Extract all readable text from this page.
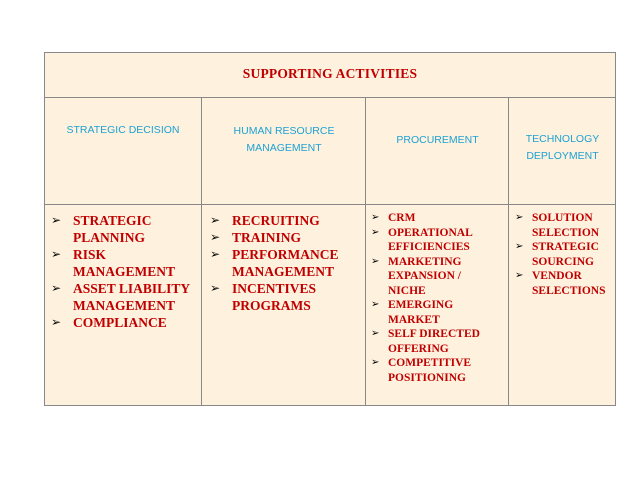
SUPPORTING ACTIVITIES
STRATEGIC DECISION	HUMAN RESOURCE MANAGEMENT
PROCUREMENT	TECHNOLOGY DEPLOYMENT
➢ STRATEGIC PLANNING
➢ RISK MANAGEMENT
➢ ASSET LIABILITY MANAGEMENT
➢ COMPLIANCE
➢ RECRUITING
➢ TRAINING
➢ PERFORMANCE MANAGEMENT
➢ INCENTIVES PROGRAMS
➢ CRM
➢ OPERATIONAL EFFICIENCIES
➢ MARKETING EXPANSION / NICHE
➢ EMERGING MARKET
➢ SELF DIRECTED OFFERING
➢ COMPETITIVE POSITIONING
➢ SOLUTION SELECTION
➢ STRATEGIC SOURCING
➢ VENDOR SELECTIONS
